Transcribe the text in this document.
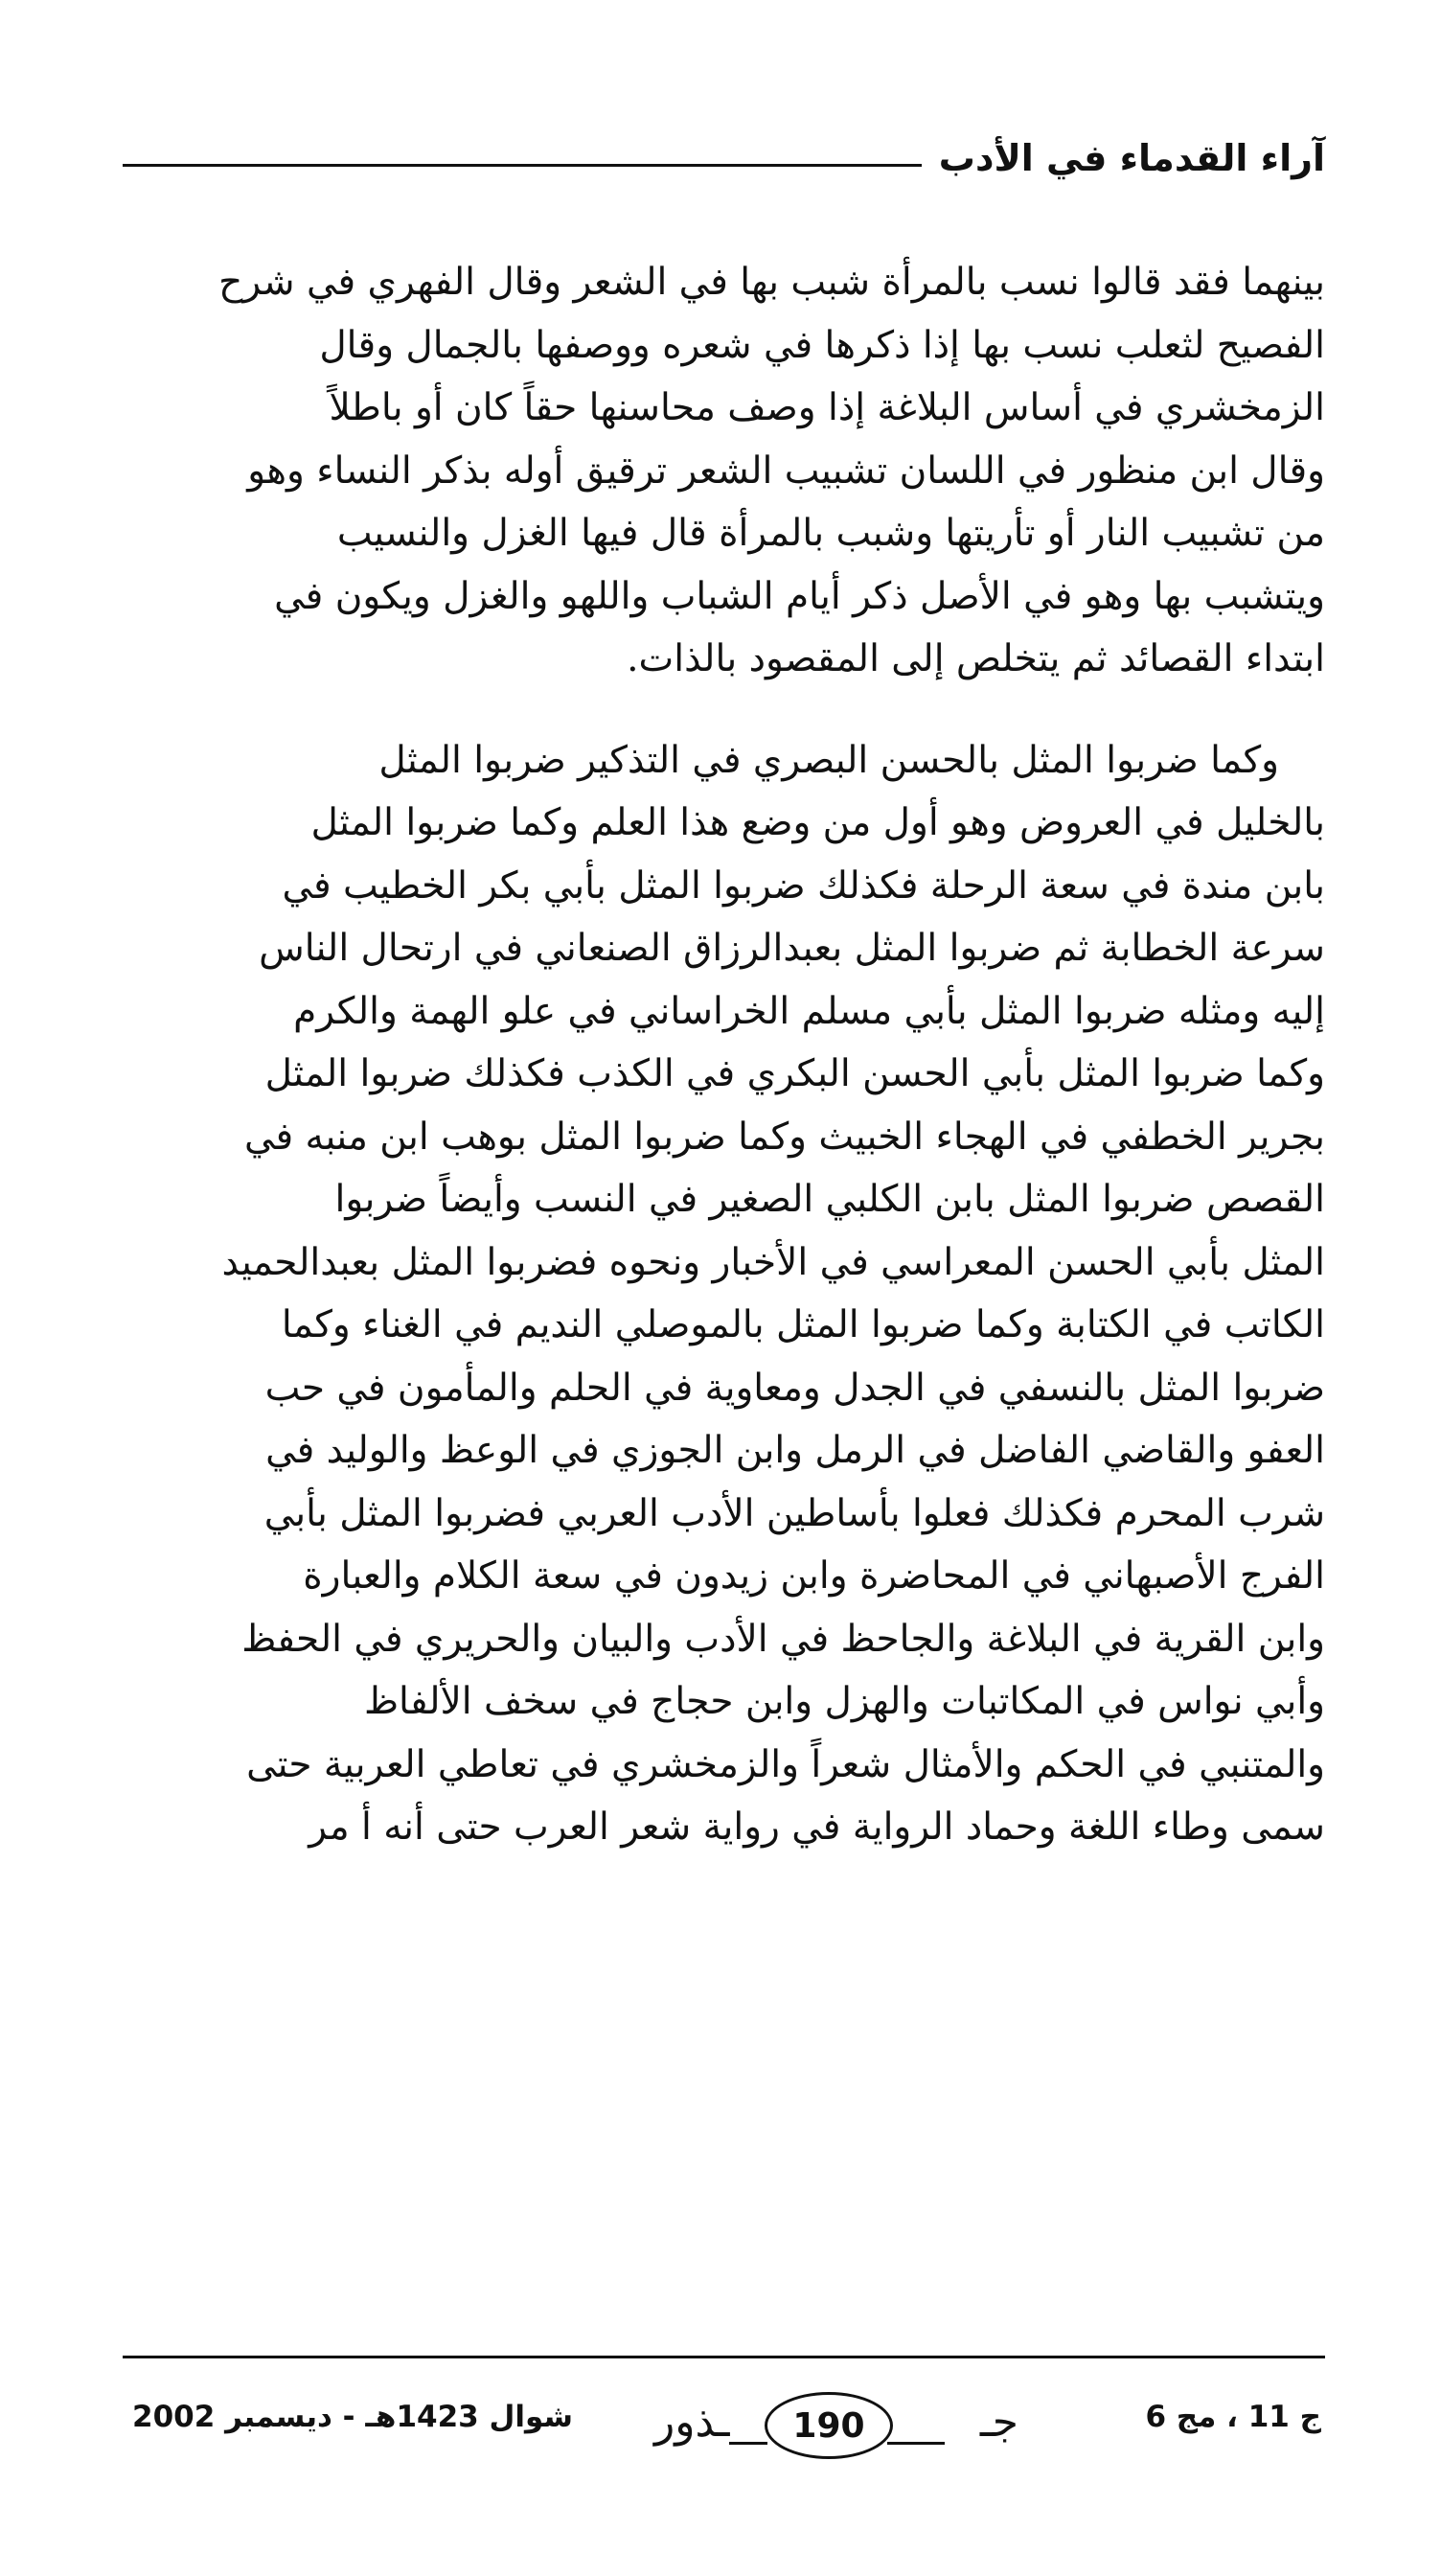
آراء القدماء في الأدب

بينهما فقد قالوا نسب بالمرأة شبب بها في الشعر وقال الفهري في شرح
الفصيح لثعلب نسب بها إذا ذكرها في شعره ووصفها بالجمال وقال
الزمخشري في أساس البلاغة إذا وصف محاسنها حقاً كان أو باطلاً
وقال ابن منظور في اللسان تشبيب الشعر ترقيق أوله بذكر النساء وهو
من تشبيب النار أو تأريتها وشبب بالمرأة قال فيها الغزل والنسيب
ويتشبب بها وهو في الأصل ذكر أيام الشباب واللهو والغزل ويكون في
ابتداء القصائد ثم يتخلص إلى المقصود بالذات.

وكما ضربوا المثل بالحسن البصري في التذكير ضربوا المثل
بالخليل في العروض وهو أول من وضع هذا العلم وكما ضربوا المثل
بابن مندة في سعة الرحلة فكذلك ضربوا المثل بأبي بكر الخطيب في
سرعة الخطابة ثم ضربوا المثل بعبدالرزاق الصنعاني في ارتحال الناس
إليه ومثله ضربوا المثل بأبي مسلم الخراساني في علو الهمة والكرم
وكما ضربوا المثل بأبي الحسن البكري في الكذب فكذلك ضربوا المثل
بجرير الخطفي في الهجاء الخبيث وكما ضربوا المثل بوهب ابن منبه في
القصص ضربوا المثل بابن الكلبي الصغير في النسب وأيضاً ضربوا
المثل بأبي الحسن المعراسي في الأخبار ونحوه فضربوا المثل بعبدالحميد
الكاتب في الكتابة وكما ضربوا المثل بالموصلي النديم في الغناء وكما
ضربوا المثل بالنسفي في الجدل ومعاوية في الحلم والمأمون في حب
العفو والقاضي الفاضل في الرمل وابن الجوزي في الوعظ والوليد في
شرب المحرم فكذلك فعلوا بأساطين الأدب العربي فضربوا المثل بأبي
الفرج الأصبهاني في المحاضرة وابن زيدون في سعة الكلام والعبارة
وابن القرية في البلاغة والجاحظ في الأدب والبيان والحريري في الحفظ
وأبي نواس في المكاتبات والهزل وابن حجاج في سخف الألفاظ
والمتنبي في الحكم والأمثال شعراً والزمخشري في تعاطي العربية حتى
سمى وطاء اللغة وحماد الرواية في رواية شعر العرب حتى أنه أ مر

شوال 1423هـ - ديسمبر 2002 ـذور	190	جـ	ج 11 ، مج 6
